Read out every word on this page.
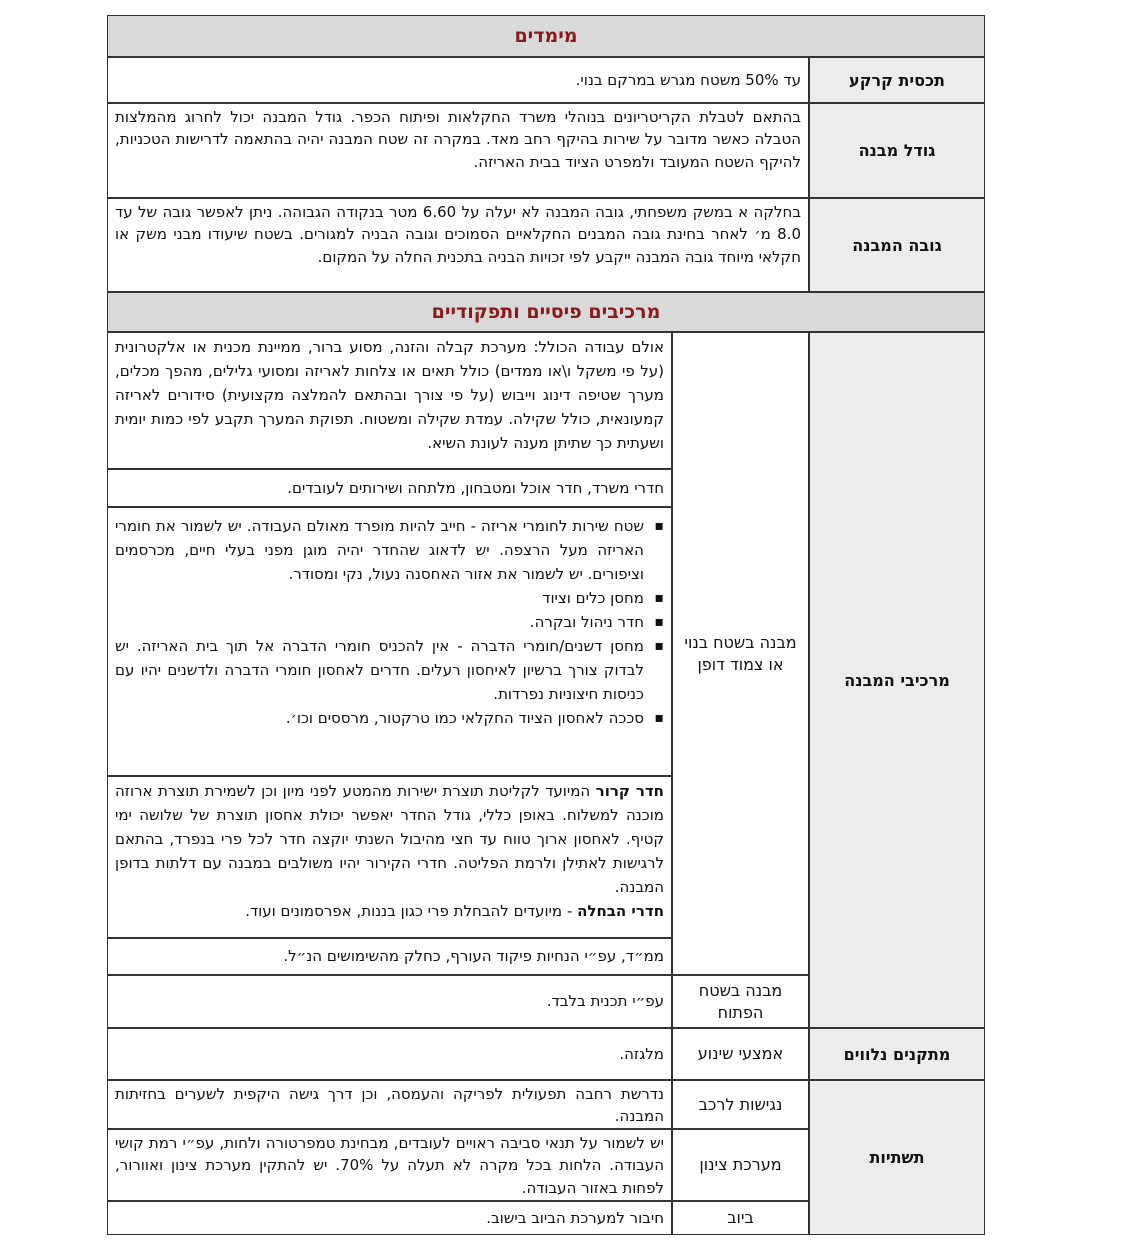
מימדים
תכסית קרקע
עד 50% משטח מגרש במרקם בנוי.
גודל מבנה
בהתאם לטבלת הקריטריונים בנוהלי משרד החקלאות ופיתוח הכפר. גודל המבנה יכול לחרוג מהמלצות הטבלה כאשר מדובר על שירות בהיקף רחב מאד. במקרה זה שטח המבנה יהיה בהתאמה לדרישות הטכניות, להיקף השטח המעובד ולמפרט הציוד בבית האריזה.
גובה המבנה
בחלקה א במשק משפחתי, גובה המבנה לא יעלה על 6.60 מטר בנקודה הגבוהה. ניתן לאפשר גובה של עד 8.0 מ׳ לאחר בחינת גובה המבנים החקלאיים הסמוכים וגובה הבניה למגורים. בשטח שיעודו מבני משק או חקלאי מיוחד גובה המבנה ייקבע לפי זכויות הבניה בתכנית החלה על המקום.
מרכיבים פיסיים ותפקודיים
מרכיבי המבנה
מבנה בשטח בנוי או צמוד דופן
אולם עבודה הכולל: מערכת קבלה והזנה, מסוע ברור, ממיינת מכנית או אלקטרונית (על פי משקל ו\או ממדים) כולל תאים או צלחות לאריזה ומסועי גלילים, מהפך מכלים, מערך שטיפה דינוג וייבוש (על פי צורך ובהתאם להמלצה מקצועית) סידורים לאריזה קמעונאית, כולל שקילה. עמדת שקילה ומשטוח. תפוקת המערך תקבע לפי כמות יומית ושעתית כך שתיתן מענה לעונת השיא.
חדרי משרד, חדר אוכל ומטבחון, מלתחה ושירותים לעובדים.
▪ שטח שירות לחומרי אריזה - חייב להיות מופרד מאולם העבודה. יש לשמור את חומרי האריזה מעל הרצפה. יש לדאוג שהחדר יהיה מוגן מפני בעלי חיים, מכרסמים וציפורים. יש לשמור את אזור האחסנה נעול, נקי ומסודר.
▪ מחסן כלים וציוד
▪ חדר ניהול ובקרה.
▪ מחסן דשנים/חומרי הדברה - אין להכניס חומרי הדברה אל תוך בית האריזה. יש לבדוק צורך ברשיון לאיחסון רעלים. חדרים לאחסון חומרי הדברה ולדשנים יהיו עם כניסות חיצוניות נפרדות.
▪ סככה לאחסון הציוד החקלאי כמו טרקטור, מרססים וכו׳.
חדר קרור המיועד לקליטת תוצרת ישירות מהמטע לפני מיון וכן לשמירת תוצרת ארוזה מוכנה למשלוח. באופן כללי, גודל החדר יאפשר יכולת אחסון תוצרת של שלושה ימי קטיף. לאחסון ארוך טווח עד חצי מהיבול השנתי יוקצה חדר לכל פרי בנפרד, בהתאם לרגישות לאתילן ולרמת הפליטה. חדרי הקירור יהיו משולבים במבנה עם דלתות בדופן המבנה.
חדרי הבחלה - מיועדים להבחלת פרי כגון בננות, אפרסמונים ועוד.
ממ״ד, עפ״י הנחיות פיקוד העורף, כחלק מהשימושים הנ״ל.
מבנה בשטח הפתוח
עפ״י תכנית בלבד.
מתקנים נלווים
אמצעי שינוע
מלגזה.
תשתיות
נגישות לרכב
נדרשת רחבה תפעולית לפריקה והעמסה, וכן דרך גישה היקפית לשערים בחזיתות המבנה.
מערכת צינון
יש לשמור על תנאי סביבה ראויים לעובדים, מבחינת טמפרטורה ולחות, עפ״י רמת קושי העבודה. הלחות בכל מקרה לא תעלה על 70%. יש להתקין מערכת צינון ואוורור, לפחות באזור העבודה.
ביוב
חיבור למערכת הביוב בישוב.
